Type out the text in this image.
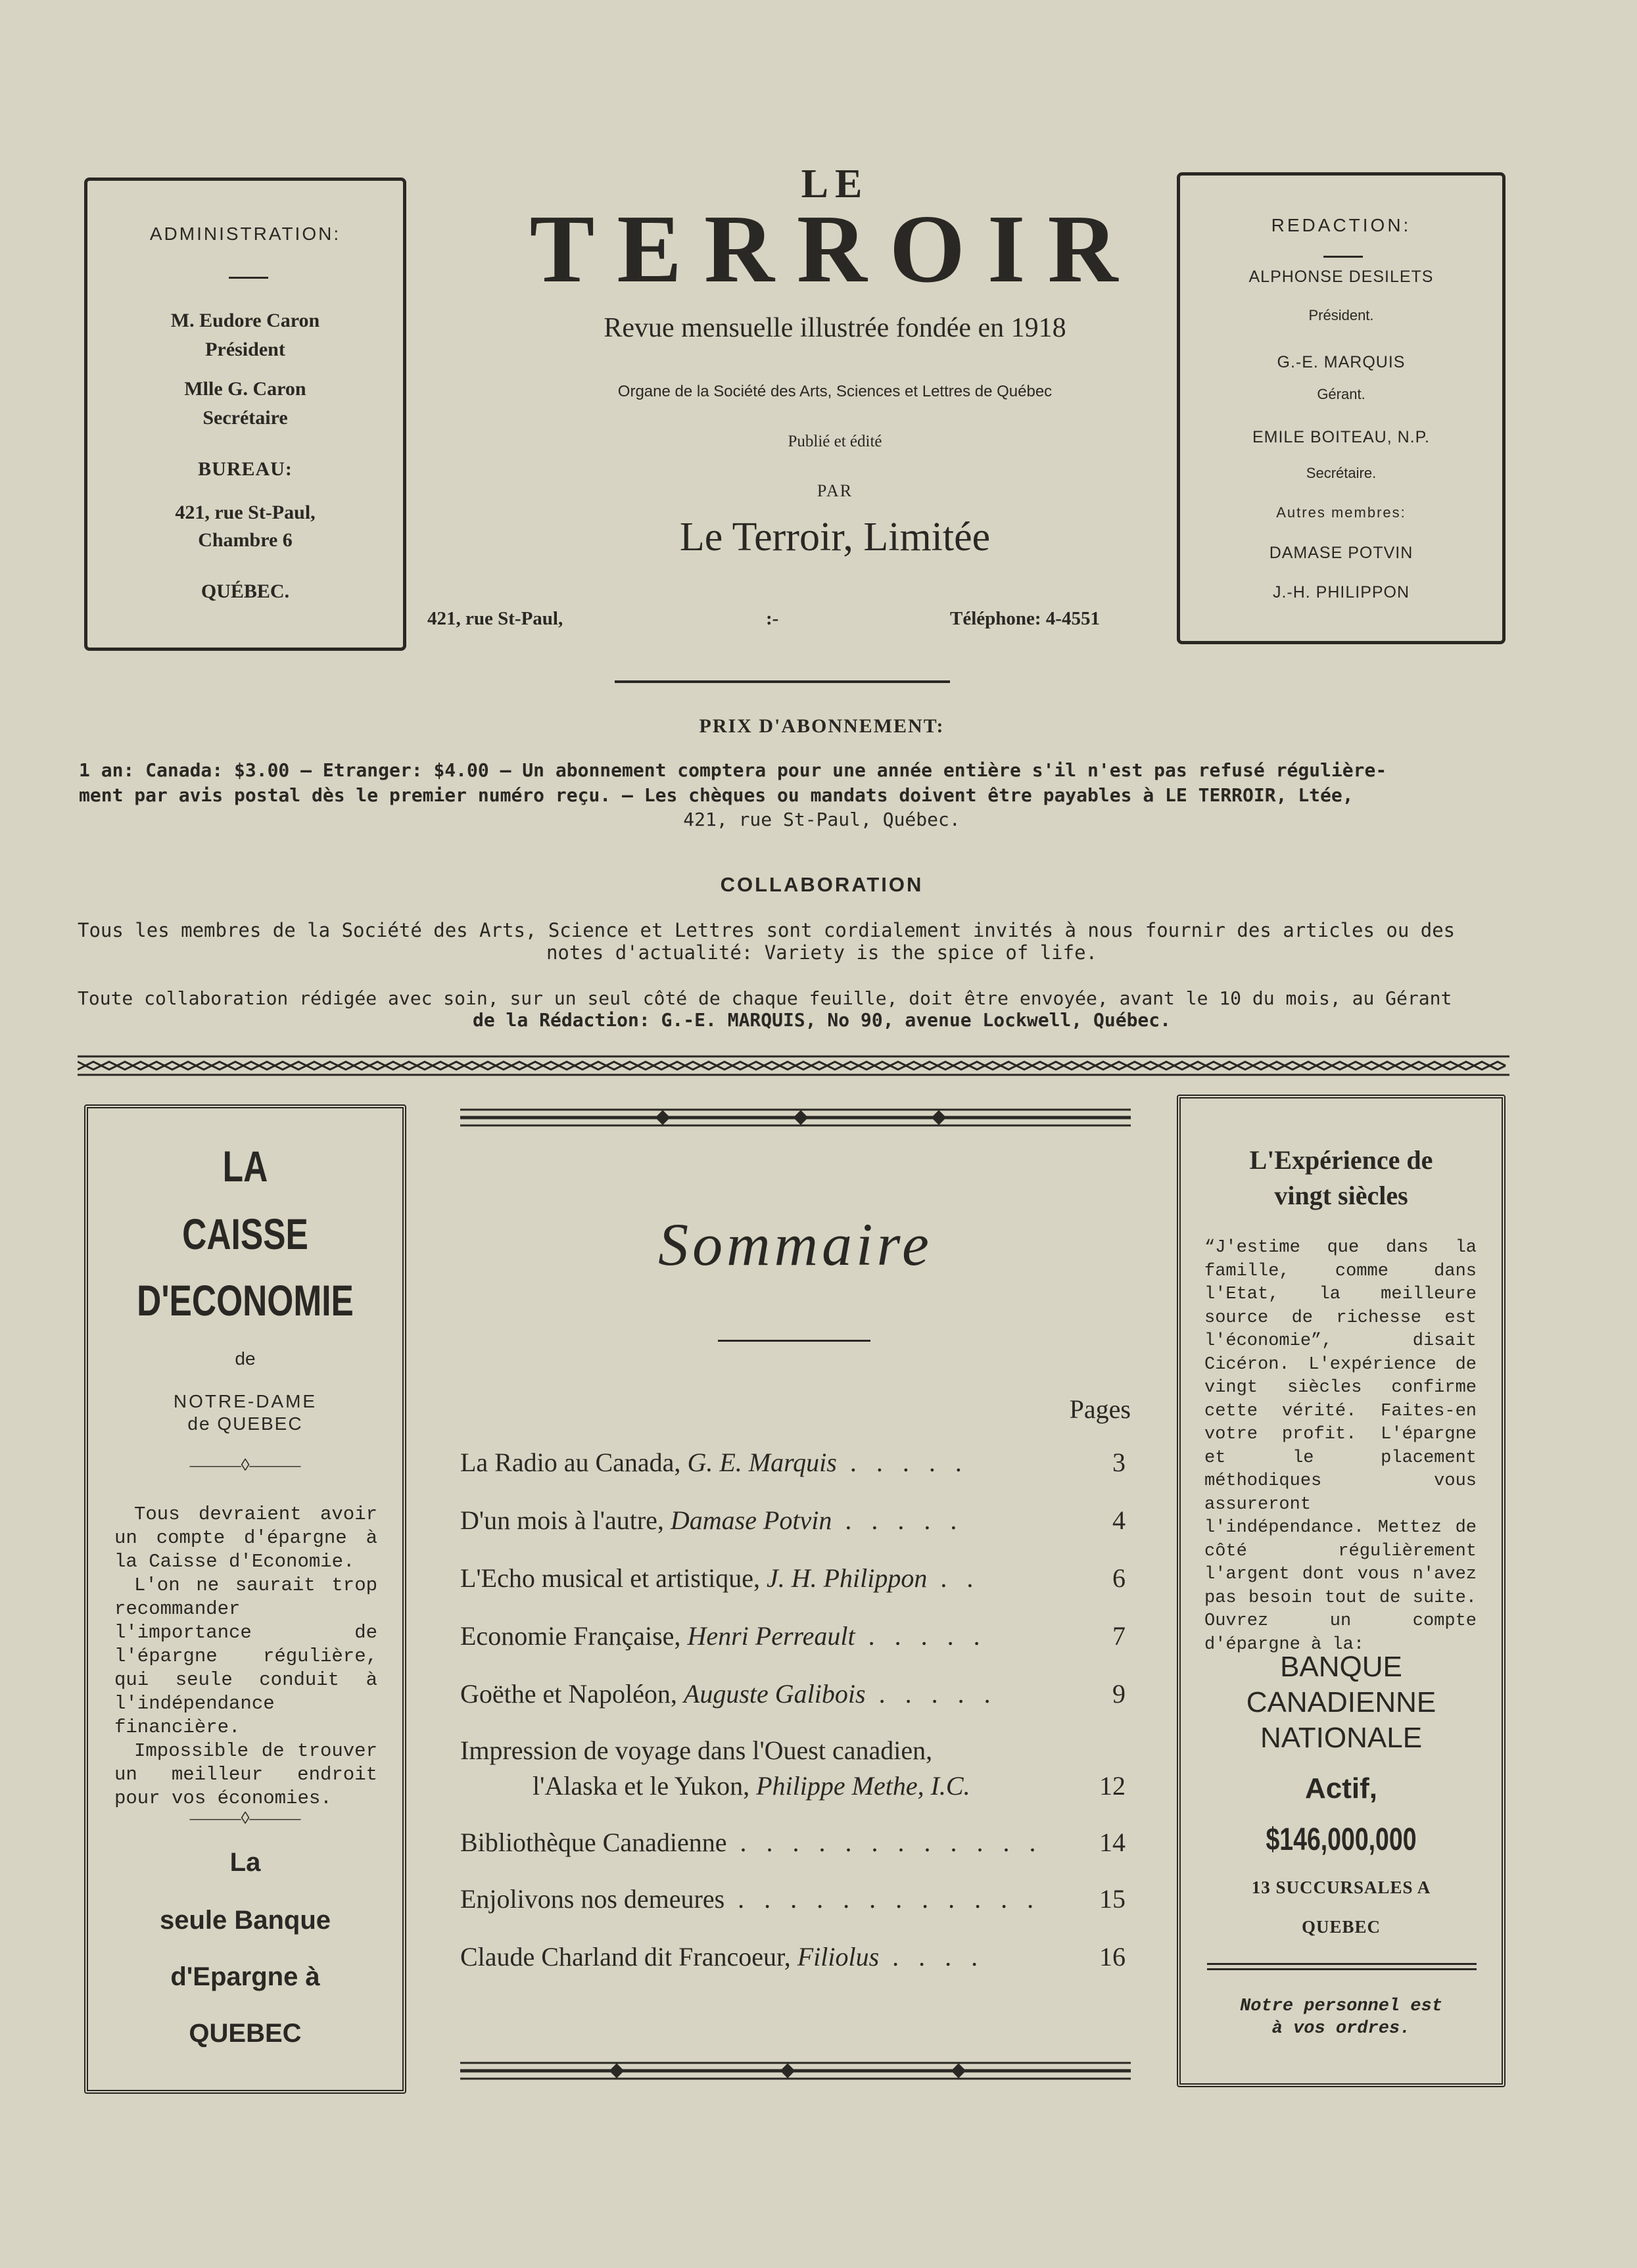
LE
TERROIR
Revue mensuelle illustrée fondée en 1918
Organe de la Société des Arts, Sciences et Lettres de Québec
Publié et édité
PAR
Le Terroir, Limitée
421, rue St-Paul,	:-	Téléphone: 4-4551
ADMINISTRATION:
M. Eudore Caron
Président
Mlle G. Caron
Secrétaire
BUREAU:
421, rue St-Paul,
Chambre 6
QUÉBEC.
REDACTION:
ALPHONSE DESILETS
Président.
G.-E. MARQUIS
Gérant.
EMILE BOITEAU, N.P.
Secrétaire.
Autres membres:
DAMASE POTVIN
J.-H. PHILIPPON
PRIX D'ABONNEMENT:
1 an: Canada: $3.00 — Etranger: $4.00 — Un abonnement comptera pour une année entière s'il n'est pas refusé régulière-
ment par avis postal dès le premier numéro reçu. — Les chèques ou mandats doivent être payables à LE TERROIR, Ltée,
421, rue St-Paul, Québec.
COLLABORATION
Tous les membres de la Société des Arts, Science et Lettres sont cordialement invités à nous fournir des articles ou des
notes d'actualité: Variety is the spice of life.
Toute collaboration rédigée avec soin, sur un seul côté de chaque feuille, doit être envoyée, avant le 10 du mois, au Gérant
de la Rédaction: G.-E. MARQUIS, No 90, avenue Lockwell, Québec.
LA
CAISSE
D'ECONOMIE
de
NOTRE-DAME
de QUEBEC
———◊———

Tous devraient avoir un compte d'épargne à la Caisse d'Economie.

L'on ne saurait trop recommander l'importance de l'épargne régulière, qui seule conduit à l'indépendance financière.

Impossible de trouver un meilleur endroit pour vos économies.

———◊———
La
seule Banque
d'Epargne à
QUEBEC
Sommaire
Pages
La Radio au Canada, G. E. Marquis . . . . .	3
D'un mois à l'autre, Damase Potvin . . . . .	4
L'Echo musical et artistique, J. H. Philippon . .	6
Economie Française, Henri Perreault . . . . .	7
Goëthe et Napoléon, Auguste Galibois . . . . .	9
Impression de voyage dans l'Ouest canadien,
l'Alaska et le Yukon, Philippe Methe, I.C.	12
Bibliothèque Canadienne . . . . . . . . . . . . 14
Enjolivons nos demeures . . . . . . . . . . . . 15
Claude Charland dit Francoeur, Filiolus . . . .	16
L'Expérience de
vingt siècles
“J'estime que dans la famille, comme dans l'Etat, la meilleure source de richesse est l'économie”, disait Cicéron. L'expérience de vingt siècles confirme cette vérité. Faites-en votre profit. L'épargne et le placement méthodiques vous assureront l'indépendance. Mettez de côté régulièrement l'argent dont vous n'avez pas besoin tout de suite. Ouvrez un compte d'épargne à la:
BANQUE
CANADIENNE
NATIONALE
Actif,
$146,000,000
13 SUCCURSALES A
QUEBEC
Notre personnel est
à vos ordres.
